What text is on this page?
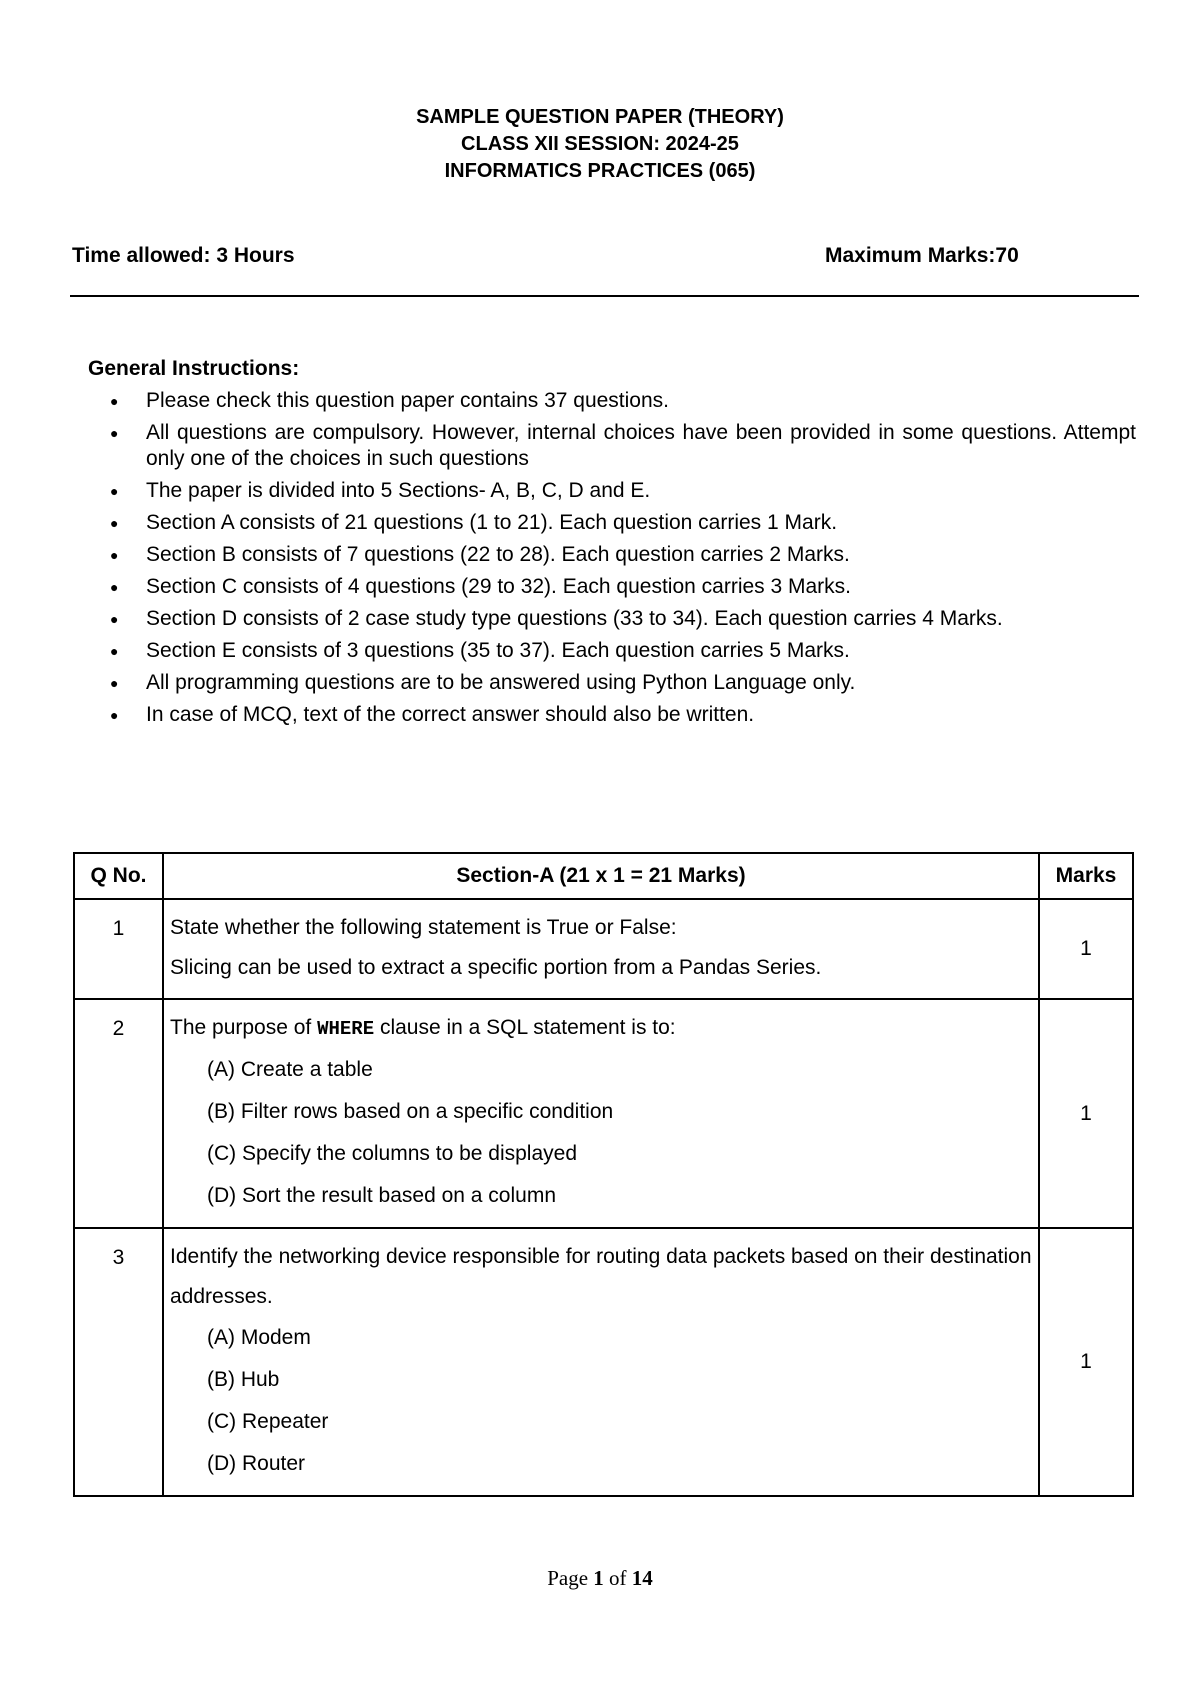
SAMPLE QUESTION PAPER (THEORY)
CLASS XII SESSION: 2024-25
INFORMATICS PRACTICES (065)
Time allowed: 3 Hours	Maximum Marks:70
General Instructions:
●	Please check this question paper contains 37 questions.
●	All questions are compulsory. However, internal choices have been provided in some questions. Attempt only one of the choices in such questions
●	The paper is divided into 5 Sections- A, B, C, D and E.
●	Section A consists of 21 questions (1 to 21). Each question carries 1 Mark.
●	Section B consists of 7 questions (22 to 28). Each question carries 2 Marks.
●	Section C consists of 4 questions (29 to 32). Each question carries 3 Marks.
●	Section D consists of 2 case study type questions (33 to 34). Each question carries 4 Marks.
●	Section E consists of 3 questions (35 to 37). Each question carries 5 Marks.
●	All programming questions are to be answered using Python Language only.
●	In case of MCQ, text of the correct answer should also be written.
Q No.	Section-A (21 x 1 = 21 Marks)	Marks
1	State whether the following statement is True or False:
Slicing can be used to extract a specific portion from a Pandas Series.	1
2	The purpose of WHERE clause in a SQL statement is to:
(A) Create a table
(B) Filter rows based on a specific condition
(C) Specify the columns to be displayed
(D) Sort the result based on a column	1
3	Identify the networking device responsible for routing data packets based on their destination addresses.
(A) Modem
(B) Hub
(C) Repeater
(D) Router	1
Page 1 of 14
